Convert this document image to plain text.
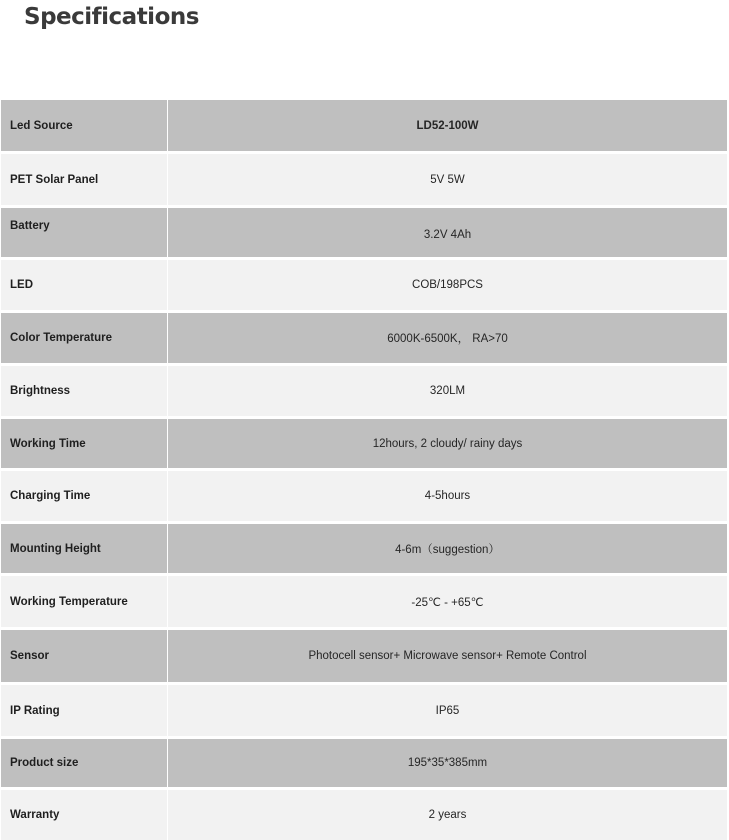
Specifications
Led Source	LD52-100W
PET Solar Panel	5V 5W
Battery	3.2V 4Ah
LED	COB/198PCS
Color Temperature	6000K-6500K， RA>70
Brightness	320LM
Working Time	12hours, 2 cloudy/ rainy days
Charging Time	4-5hours
Mounting Height	4-6m（suggestion）
Working Temperature	-25℃ - +65℃
Sensor	Photocell sensor+ Microwave sensor+ Remote Control
IP Rating	IP65
Product size	195*35*385mm
Warranty	2 years
